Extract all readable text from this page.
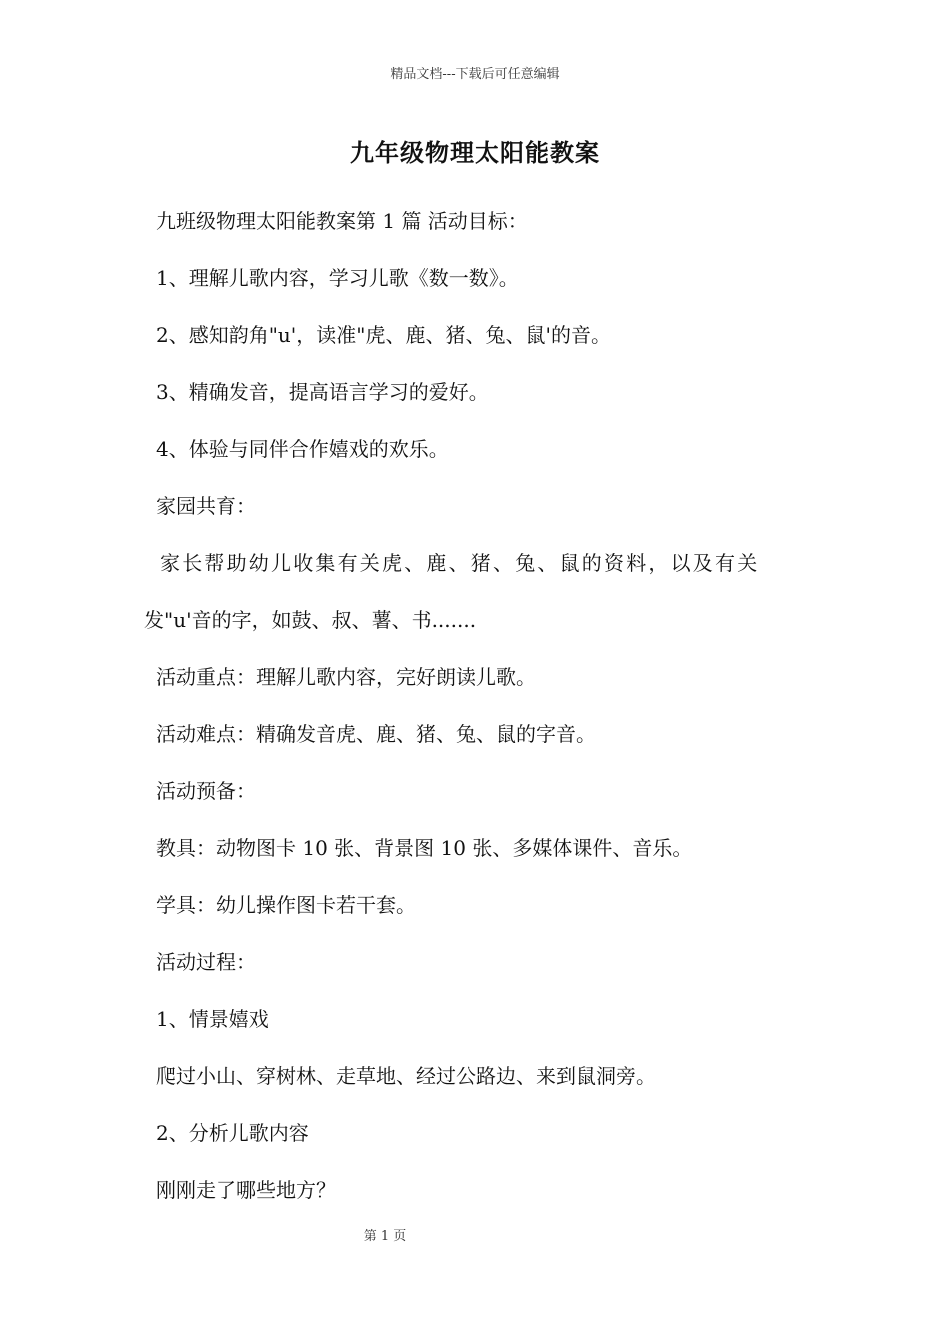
精品文档---下载后可任意编辑
九年级物理太阳能教案
九班级物理太阳能教案第 1 篇 活动目标：
1、理解儿歌内容，学习儿歌《数一数》。
2、感知韵角"u'，读准"虎、鹿、猪、兔、鼠'的音。
3、精确发音，提高语言学习的爱好。
4、体验与同伴合作嬉戏的欢乐。
家园共育：
家长帮助幼儿收集有关虎、鹿、猪、兔、鼠的资料，以及有关
发"u'音的字，如鼓、叔、薯、书.......
活动重点：理解儿歌内容，完好朗读儿歌。
活动难点：精确发音虎、鹿、猪、兔、鼠的字音。
活动预备：
教具：动物图卡 10 张、背景图 10 张、多媒体课件、音乐。
学具：幼儿操作图卡若干套。
活动过程：
1、情景嬉戏
爬过小山、穿树林、走草地、经过公路边、来到鼠洞旁。
2、分析儿歌内容
刚刚走了哪些地方？
第 1 页
